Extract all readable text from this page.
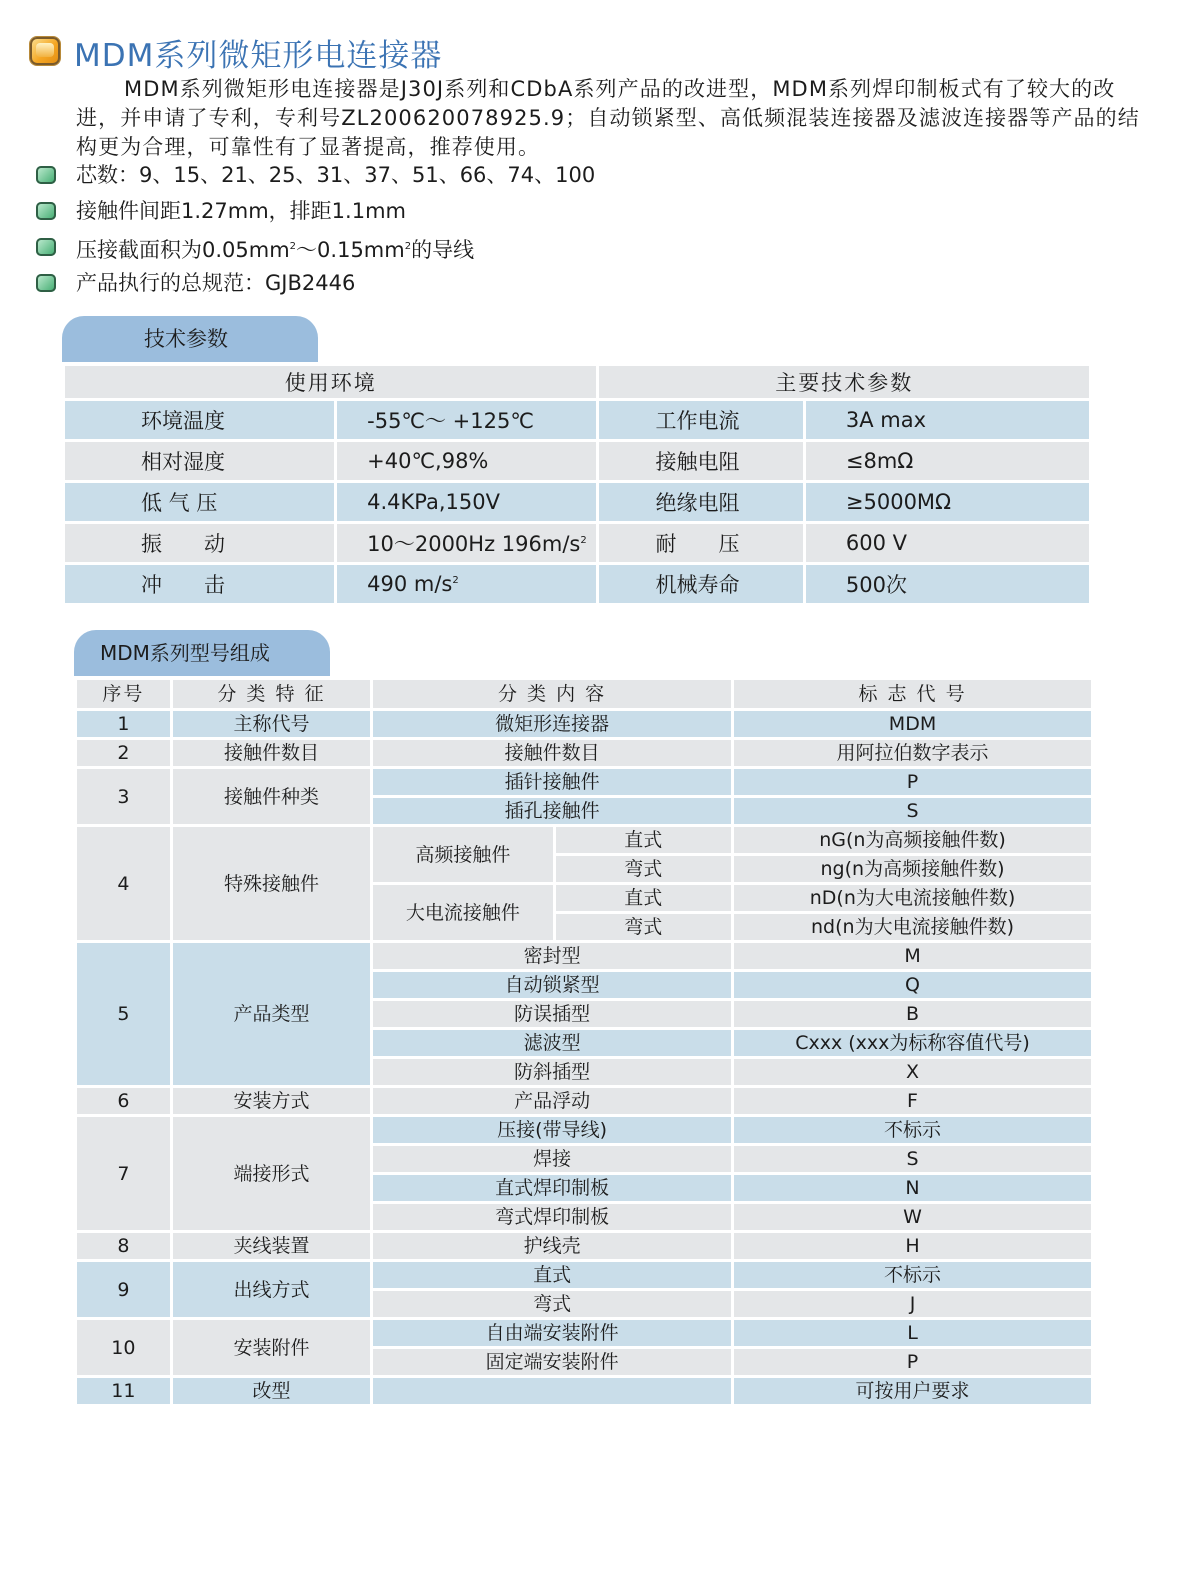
MDM系列微矩形电连接器
MDM系列微矩形电连接器是J30J系列和CDbA系列产品的改进型，MDM系列焊印制板式有了较大的改进，并申请了专利，专利号ZL200620078925.9；自动锁紧型、高低频混装连接器及滤波连接器等产品的结构更为合理，可靠性有了显著提高，推荐使用。
芯数：9、15、21、25、31、37、51、66、74、100
接触件间距1.27mm，排距1.1mm
压接截面积为$0.05mm^2\sim 0.15mm^2$的导线
产品执行的总规范：GJB2446
技术参数
使用环境		主要技术参数	
环境温度	-55℃～ +125℃	工作电流	3A max
相对湿度	+40℃,98%	接触电阻	≤8mΩ
低 气 压	4.4KPa,150V	绝缘电阻	≥5000MΩ
振　　动	10～2000Hz $196m/s^2$	耐　　压	600 V
冲　　击	490 $m/s^2$	机械寿命	500次
MDM系列型号组成
序号	分 类 特 征	分 类 内 容		标 志 代 号
1	主称代号	微矩形连接器		MDM
2	接触件数目	接触件数目		用阿拉伯数字表示
3	接触件种类	插针接触件		P
		插孔接触件		S
4	特殊接触件	高频接触件	直式	nG(n为高频接触件数)
			弯式	ng(n为高频接触件数)
		大电流接触件	直式	nD(n为大电流接触件数)
			弯式	nd(n为大电流接触件数)
5	产品类型	密封型		M
		自动锁紧型		Q
		防误插型		B
		滤波型		Cxxx (xxx为标称容值代号)
		防斜插型		X
6	安装方式	产品浮动		F
7	端接形式	压接(带导线)		不标示
		焊接		S
		直式焊印制板		N
		弯式焊印制板		W
8	夹线装置	护线壳		H
9	出线方式	直式		不标示
		弯式		J
10	安装附件	自由端安装附件		L
		固定端安装附件		P
11	改型			可按用户要求
